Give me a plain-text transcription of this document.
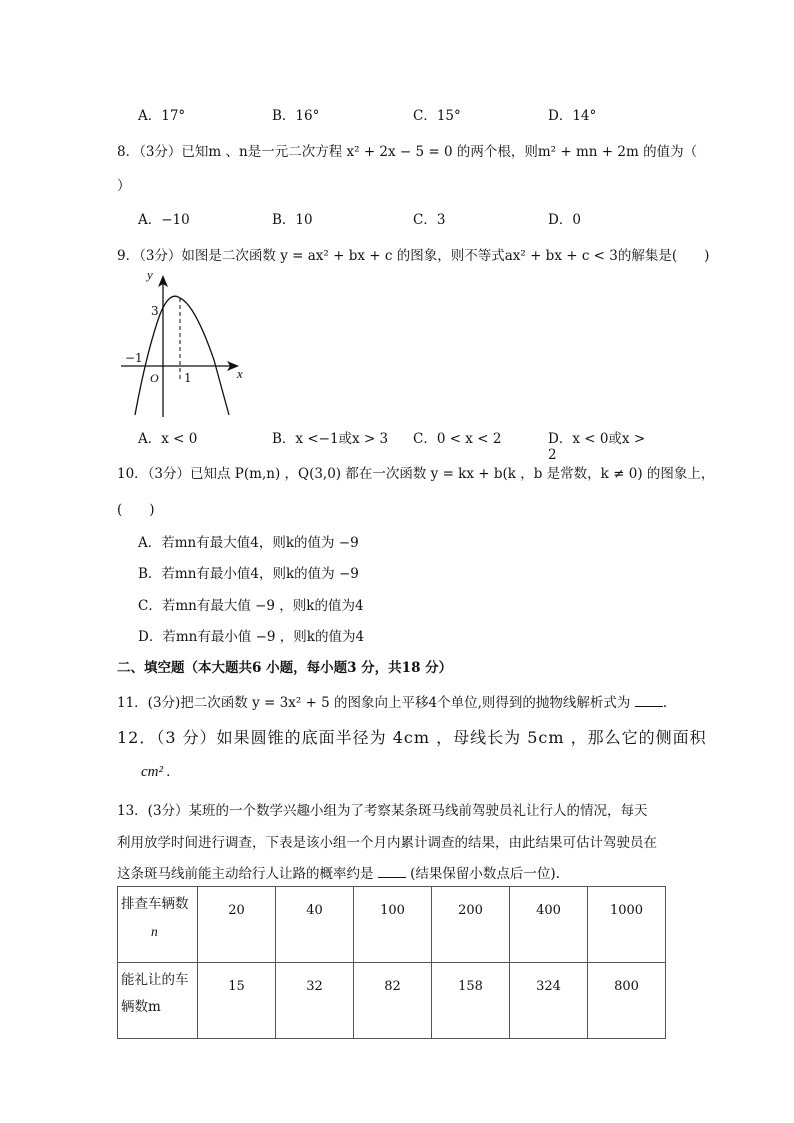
A．17°	B．16°	C．15°	D．14°
8．（3分）已知m 、n是一元二次方程 x² + 2x − 5 = 0 的两个根，则m² + mn + 2m 的值为（
）
A．−10	B．10	C．3	D．0
9．（3分）如图是二次函数 y = ax² + bx + c 的图象，则不等式ax² + bx + c < 3的解集是(　　)
y
x
3
−1
O 1
A．x < 0	B．x <−1或x > 3 C．0 < x < 2	D．x < 0或x > 2
10．（3分）已知点 P(m,n) ，Q(3,0) 都在一次函数 y = kx + b(k ，b 是常数，k ≠ 0) 的图象上，
(　　)
A．若mn有最大值4，则k的值为 −9
B．若mn有最小值4，则k的值为 −9
C．若mn有最大值 −9 ，则k的值为4
D．若mn有最小值 −9 ，则k的值为4
二、填空题（本大题共6 小题，每小题3 分，共18 分）
11．(3分)把二次函数 y = 3x² + 5 的图象向上平移4个单位,则得到的抛物线解析式为 .
12．（3 分）如果圆锥的底面半径为 4cm ，母线长为 5cm ，那么它的侧面积
cm² .
13．(3分）某班的一个数学兴趣小组为了考察某条斑马线前驾驶员礼让行人的情况，每天
利用放学时间进行调查，下表是该小组一个月内累计调查的结果，由此结果可估计驾驶员在
这条斑马线前能主动给行人让路的概率约是	(结果保留小数点后一位).
排查车辆数
n	20	40	100	200	400	1000
能礼让的车
辆数m	15	32	82	158	324	800
